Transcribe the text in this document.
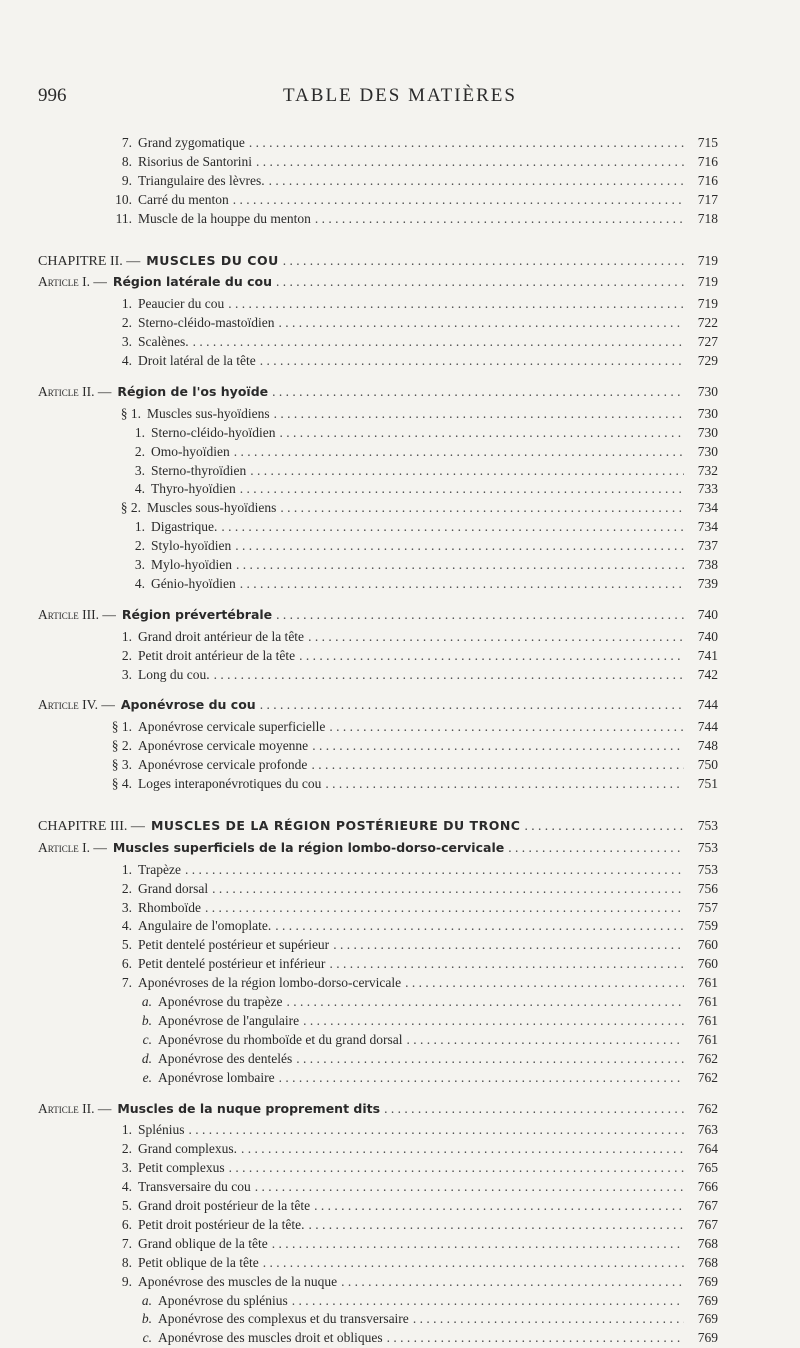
996	TABLE DES MATIÈRES
7. Grand zygomatique . . .	715
8. Risorius de Santorini . . .	716
9. Triangulaire des lèvres. . . .	716
10. Carré du menton . . .	717
11. Muscle de la houppe du menton . . .	718
CHAPITRE II. — MUSCLES DU COU . . .	719
Article I. — Région latérale du cou . . .	719
1. Peaucier du cou . . .	719
2. Sterno-cléido-mastoïdien . . .	722
3. Scalènes. . . .	727
4. Droit latéral de la tête . . .	729
Article II. — Région de l'os hyoïde . . .	730
§ 1. Muscles sus-hyoïdiens . . .	730
1. Sterno-cléido-hyoïdien . . .	730
2. Omo-hyoïdien . . .	730
3. Sterno-thyroïdien . . .	732
4. Thyro-hyoïdien . . .	733
§ 2. Muscles sous-hyoïdiens . . .	734
1. Digastrique. . . .	734
2. Stylo-hyoïdien . . .	737
3. Mylo-hyoïdien . . .	738
4. Génio-hyoïdien . . .	739
Article III. — Région prévertébrale . . .	740
1. Grand droit antérieur de la tête . . .	740
2. Petit droit antérieur de la tête . . .	741
3. Long du cou. . . .	742
Article IV. — Aponévrose du cou . . .	744
§ 1. Aponévrose cervicale superficielle . . .	744
§ 2. Aponévrose cervicale moyenne . . .	748
§ 3. Aponévrose cervicale profonde . . .	750
§ 4. Loges interaponévrotiques du cou . . .	751
CHAPITRE III. — MUSCLES DE LA RÉGION POSTÉRIEURE DU TRONC . . .	753
Article I. — Muscles superficiels de la région lombo-dorso-cervicale . . .	753
1. Trapèze . . .	753
2. Grand dorsal . . .	756
3. Rhomboïde . . .	757
4. Angulaire de l'omoplate. . . .	759
5. Petit dentelé postérieur et supérieur . . .	760
6. Petit dentelé postérieur et inférieur . . .	760
7. Aponévroses de la région lombo-dorso-cervicale . . .	761
a. Aponévrose du trapèze . . .	761
b. Aponévrose de l'angulaire . . .	761
c. Aponévrose du rhomboïde et du grand dorsal . . .	761
d. Aponévrose des dentelés . . .	762
e. Aponévrose lombaire . . .	762
Article II. — Muscles de la nuque proprement dits . . .	762
1. Splénius . . .	763
2. Grand complexus. . . .	764
3. Petit complexus . . .	765
4. Transversaire du cou . . .	766
5. Grand droit postérieur de la tête . . .	767
6. Petit droit postérieur de la tête. . . .	767
7. Grand oblique de la tête . . .	768
8. Petit oblique de la tête . . .	768
9. Aponévrose des muscles de la nuque . . .	769
a. Aponévrose du splénius . . .	769
b. Aponévrose des complexus et du transversaire . . .	769
c. Aponévrose des muscles droit et obliques . . .	769
